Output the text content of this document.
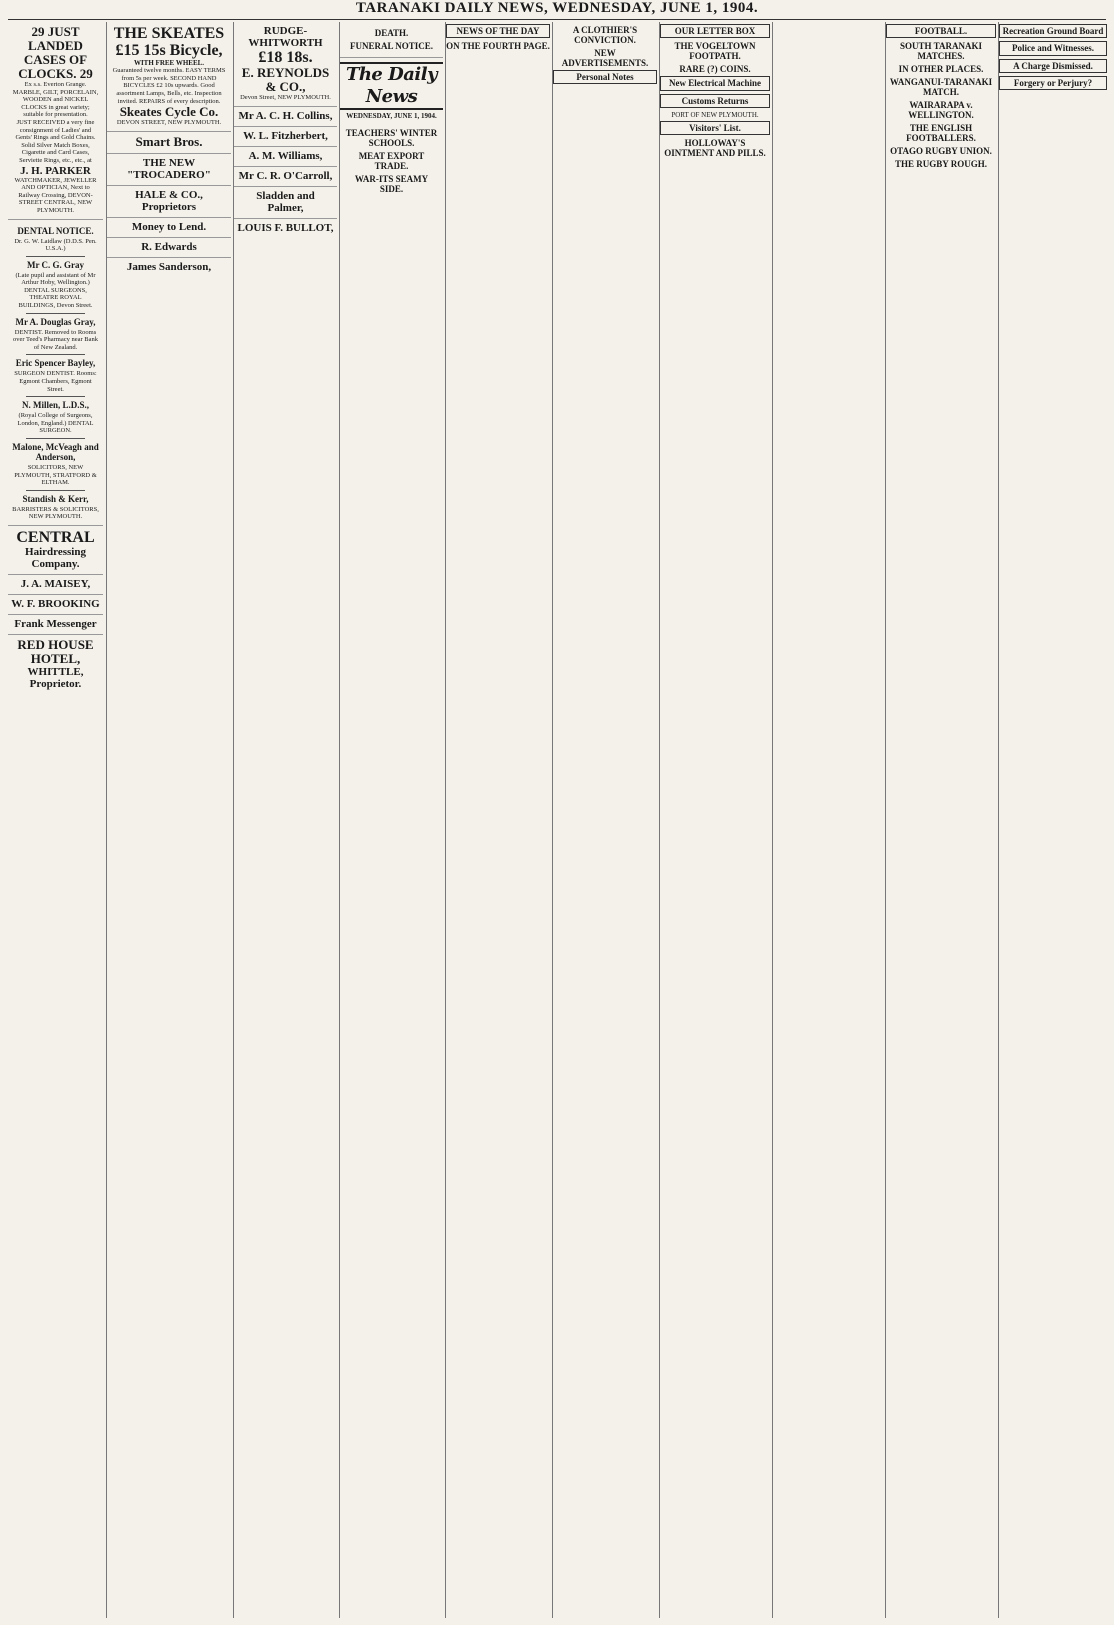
TARANAKI DAILY NEWS, WEDNESDAY, JUNE 1, 1904.
29 JUST LANDED CASES OF CLOCKS. 29
Ex s.s. Everton Grange.
MARBLE, GILT, PORCELAIN, WOODEN and NICKEL CLOCKS in great variety; suitable for presentation.
JUST RECEIVED a very fine consignment of Ladies' and Gents' Rings and Gold Chains.
Solid Silver Match Boxes, Cigarette and Card Cases, Serviette Rings, etc., etc., at
J. H. PARKER
WATCHMAKER, JEWELLER AND OPTICIAN, Next to Railway Crossing, DEVON-STREET CENTRAL, NEW PLYMOUTH.
DENTAL NOTICE.
Dr. G. W. Laidlaw (D.D.S. Pen. U.S.A.)
Mr C. G. Gray
(Late pupil and assistant of Mr Arthur Hoby, Wellington.) DENTAL SURGEONS, THEATRE ROYAL BUILDINGS, Devon Street.
Mr A. Douglas Gray,
DENTIST. Removed to Rooms over Teed's Pharmacy near Bank of New Zealand.
Eric Spencer Bayley,
SURGEON DENTIST. Rooms: Egmont Chambers, Egmont Street.
N. Millen, L.D.S.,
(Royal College of Surgeons, London, England.) DENTAL SURGEON.
Malone, McVeagh and Anderson,
SOLICITORS, NEW PLYMOUTH, STRATFORD & ELTHAM.
Standish & Kerr,
BARRISTERS & SOLICITORS, NEW PLYMOUTH.
CENTRAL
Hairdressing Company.
J. A. MAISEY,
W. F. BROOKING
Frank Messenger
RED HOUSE HOTEL,
WHITTLE, Proprietor.
THE SKEATES
£15 15s Bicycle,
WITH FREE WHEEL.
Guaranteed twelve months. EASY TERMS from 5s per week. SECOND HAND BICYCLES £2 10s upwards. Good assortment Lamps, Bells, etc. Inspection invited. REPAIRS of every description.
Skeates Cycle Co.
DEVON STREET, NEW PLYMOUTH.
Smart Bros.
THE NEW "TROCADERO"
HALE & CO., Proprietors
Money to Lend.
R. Edwards
James Sanderson,
RUDGE-WHITWORTH
£18 18s.
E. REYNOLDS & CO.,
Devon Street, NEW PLYMOUTH.
Mr A. C. H. Collins,
W. L. Fitzherbert,
A. M. Williams,
Mr C. R. O'Carroll,
Sladden and Palmer,
LOUIS F. BULLOT,
DEATH.
FUNERAL NOTICE.
The Daily News
WEDNESDAY, JUNE 1, 1904.
TEACHERS' WINTER SCHOOLS.
MEAT EXPORT TRADE.
WAR-ITS SEAMY SIDE.
NEWS OF THE DAY
ON THE FOURTH PAGE.
A CLOTHIER'S CONVICTION.
NEW ADVERTISEMENTS.
Personal Notes
OUR LETTER BOX
THE VOGELTOWN FOOTPATH.
RARE (?) COINS.
New Electrical Machine
Customs Returns
PORT OF NEW PLYMOUTH.
Visitors' List.
HOLLOWAY'S OINTMENT AND PILLS.
FOOTBALL.
SOUTH TARANAKI MATCHES.
IN OTHER PLACES.
WANGANUI-TARANAKI MATCH.
WAIRARAPA v. WELLINGTON.
THE ENGLISH FOOTBALLERS.
OTAGO RUGBY UNION.
THE RUGBY ROUGH.
Recreation Ground Board
Police and Witnesses.
A Charge Dismissed.
Forgery or Perjury?
